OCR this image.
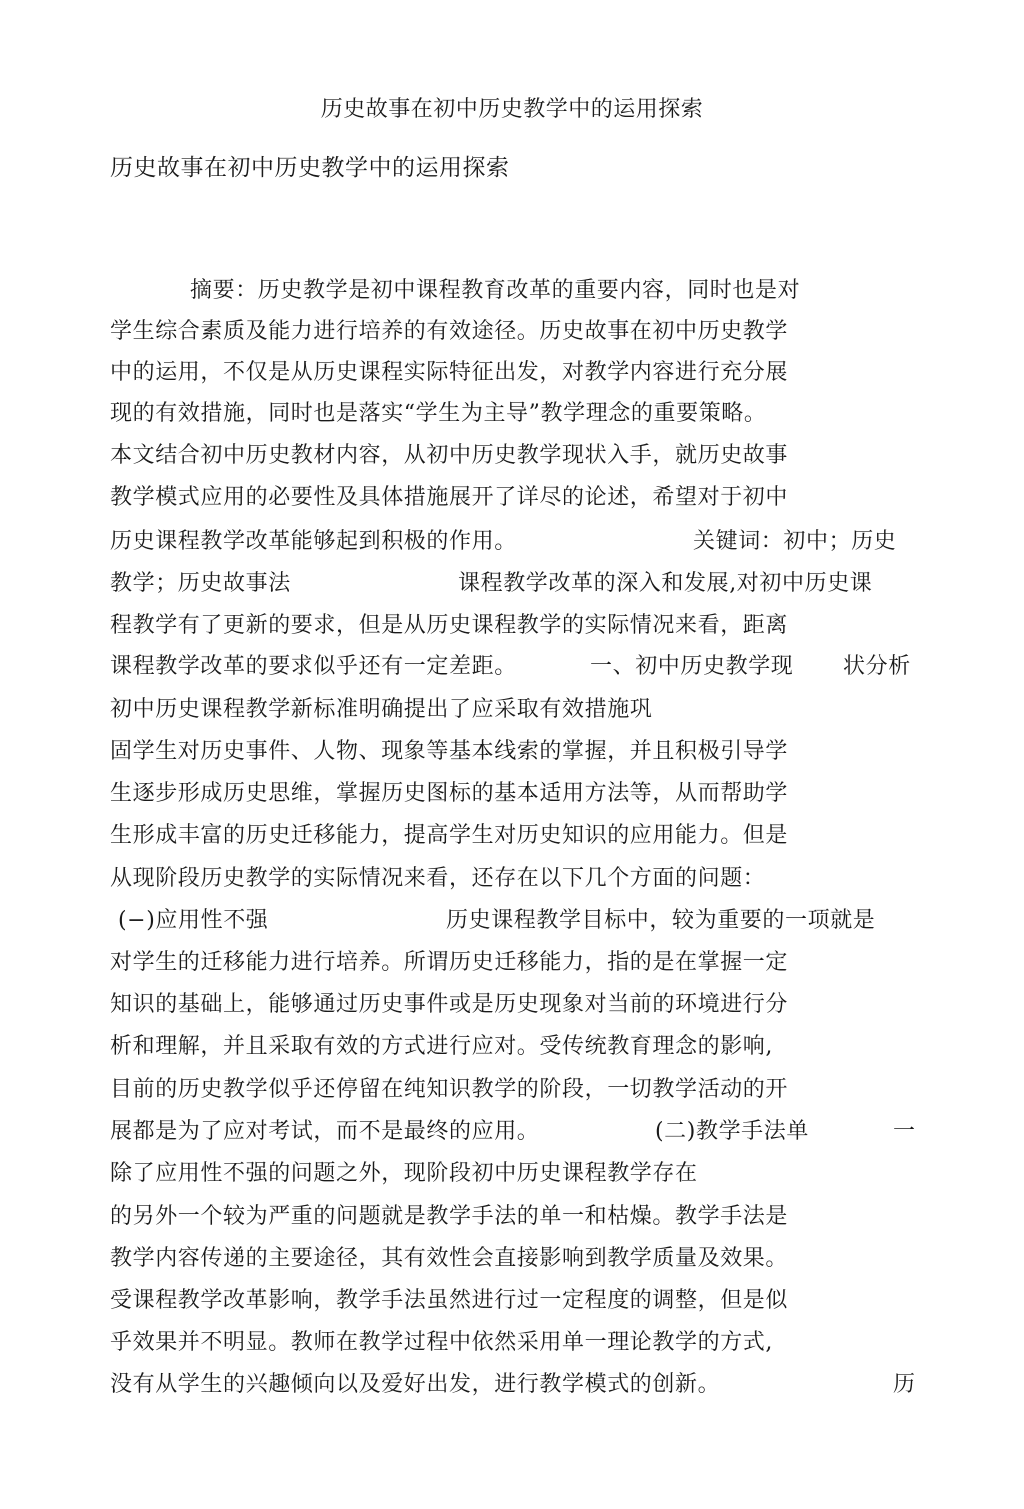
历史故事在初中历史教学中的运用探索
历史故事在初中历史教学中的运用探索
摘要：历史教学是初中课程教育改革的重要内容，同时也是对
学生综合素质及能力进行培养的有效途径。历史故事在初中历史教学
中的运用，不仅是从历史课程实际特征出发，对教学内容进行充分展
现的有效措施，同时也是落实“学生为主导”教学理念的重要策略。
本文结合初中历史教材内容，从初中历史教学现状入手，就历史故事
教学模式应用的必要性及具体措施展开了详尽的论述，希望对于初中
历史课程教学改革能够起到积极的作用。	关键词：初中；历史
教学；历史故事法	课程教学改革的深入和发展,对初中历史课
程教学有了更新的要求，但是从历史课程教学的实际情况来看，距离
课程教学改革的要求似乎还有一定差距。	一、初中历史教学现 状分析
初中历史课程教学新标准明确提出了应采取有效措施巩
固学生对历史事件、人物、现象等基本线索的掌握，并且积极引导学
生逐步形成历史思维，掌握历史图标的基本适用方法等，从而帮助学
生形成丰富的历史迁移能力，提高学生对历史知识的应用能力。但是
从现阶段历史教学的实际情况来看，还存在以下几个方面的问题：
(−)应用性不强	历史课程教学目标中，较为重要的一项就是
对学生的迁移能力进行培养。所谓历史迁移能力，指的是在掌握一定
知识的基础上，能够通过历史事件或是历史现象对当前的环境进行分
析和理解，并且采取有效的方式进行应对。受传统教育理念的影响,
目前的历史教学似乎还停留在纯知识教学的阶段，一切教学活动的开
展都是为了应对考试，而不是最终的应用。	(二)教学手法单	一
除了应用性不强的问题之外，现阶段初中历史课程教学存在
的另外一个较为严重的问题就是教学手法的单一和枯燥。教学手法是
教学内容传递的主要途径，其有效性会直接影响到教学质量及效果。
受课程教学改革影响，教学手法虽然进行过一定程度的调整，但是似
乎效果并不明显。教师在教学过程中依然采用单一理论教学的方式,
没有从学生的兴趣倾向以及爱好出发，进行教学模式的创新。	历
